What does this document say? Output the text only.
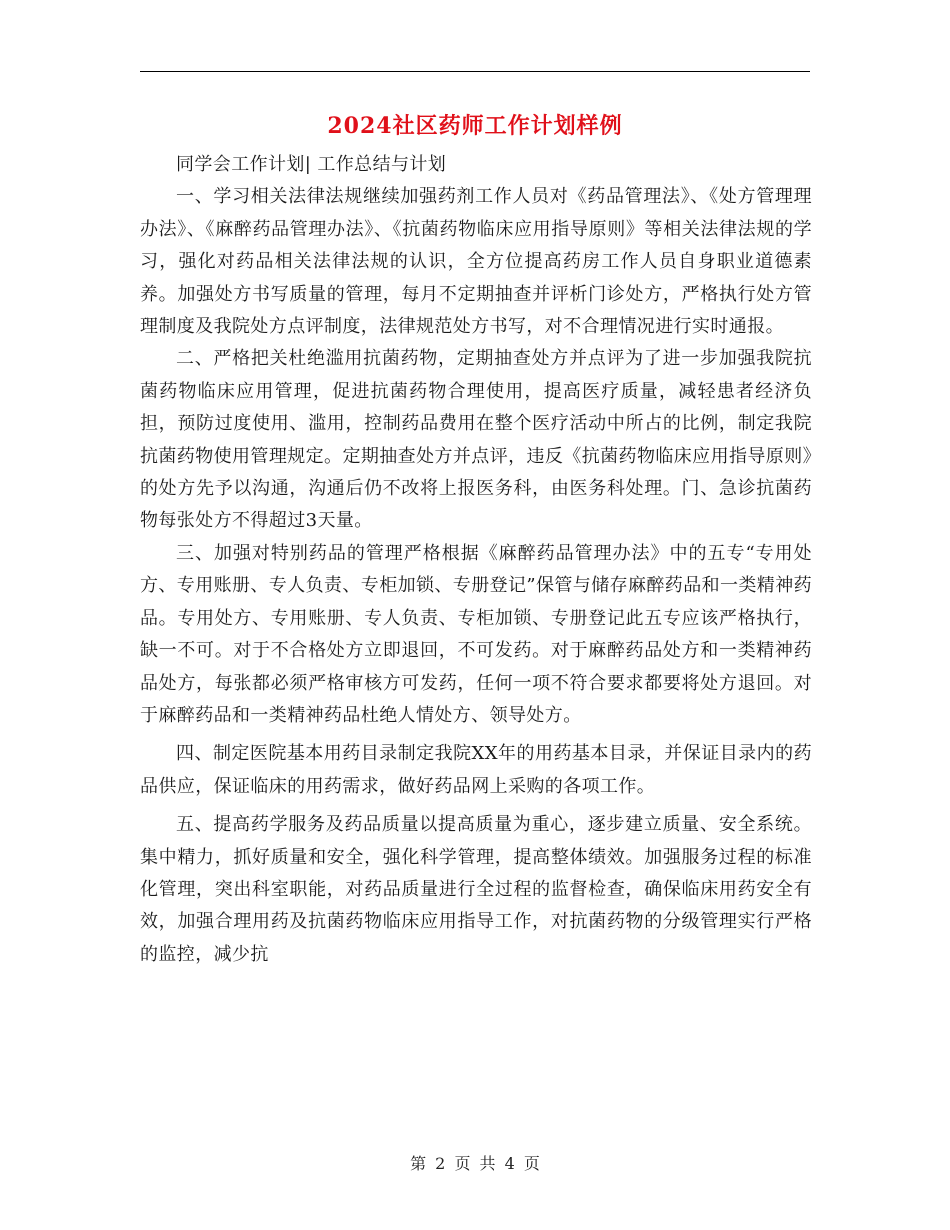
2024社区药师工作计划样例

同学会工作计划| 工作总结与计划

一、学习相关法律法规继续加强药剂工作人员对《药品管理法》、《处方管理理办法》、《麻醉药品管理办法》、《抗菌药物临床应用指导原则》等相关法律法规的学习，强化对药品相关法律法规的认识，全方位提高药房工作人员自身职业道德素养。加强处方书写质量的管理，每月不定期抽查并评析门诊处方，严格执行处方管理制度及我院处方点评制度，法律规范处方书写，对不合理情况进行实时通报。

二、严格把关杜绝滥用抗菌药物，定期抽查处方并点评为了进一步加强我院抗菌药物临床应用管理，促进抗菌药物合理使用，提高医疗质量，减轻患者经济负担，预防过度使用、滥用，控制药品费用在整个医疗活动中所占的比例，制定我院抗菌药物使用管理规定。定期抽查处方并点评，违反《抗菌药物临床应用指导原则》的处方先予以沟通，沟通后仍不改将上报医务科，由医务科处理。门、急诊抗菌药物每张处方不得超过3天量。

三、加强对特别药品的管理严格根据《麻醉药品管理办法》中的五专“专用处方、专用账册、专人负责、专柜加锁、专册登记”保管与储存麻醉药品和一类精神药品。专用处方、专用账册、专人负责、专柜加锁、专册登记此五专应该严格执行，缺一不可。对于不合格处方立即退回，不可发药。对于麻醉药品处方和一类精神药品处方，每张都必须严格审核方可发药，任何一项不符合要求都要将处方退回。对于麻醉药品和一类精神药品杜绝人情处方、领导处方。

四、制定医院基本用药目录制定我院XX年的用药基本目录，并保证目录内的药品供应，保证临床的用药需求，做好药品网上采购的各项工作。

五、提高药学服务及药品质量以提高质量为重心，逐步建立质量、安全系统。集中精力，抓好质量和安全，强化科学管理，提高整体绩效。加强服务过程的标准化管理，突出科室职能，对药品质量进行全过程的监督检查，确保临床用药安全有效，加强合理用药及抗菌药物临床应用指导工作，对抗菌药物的分级管理实行严格的监控，减少抗

第 2 页 共 4 页
